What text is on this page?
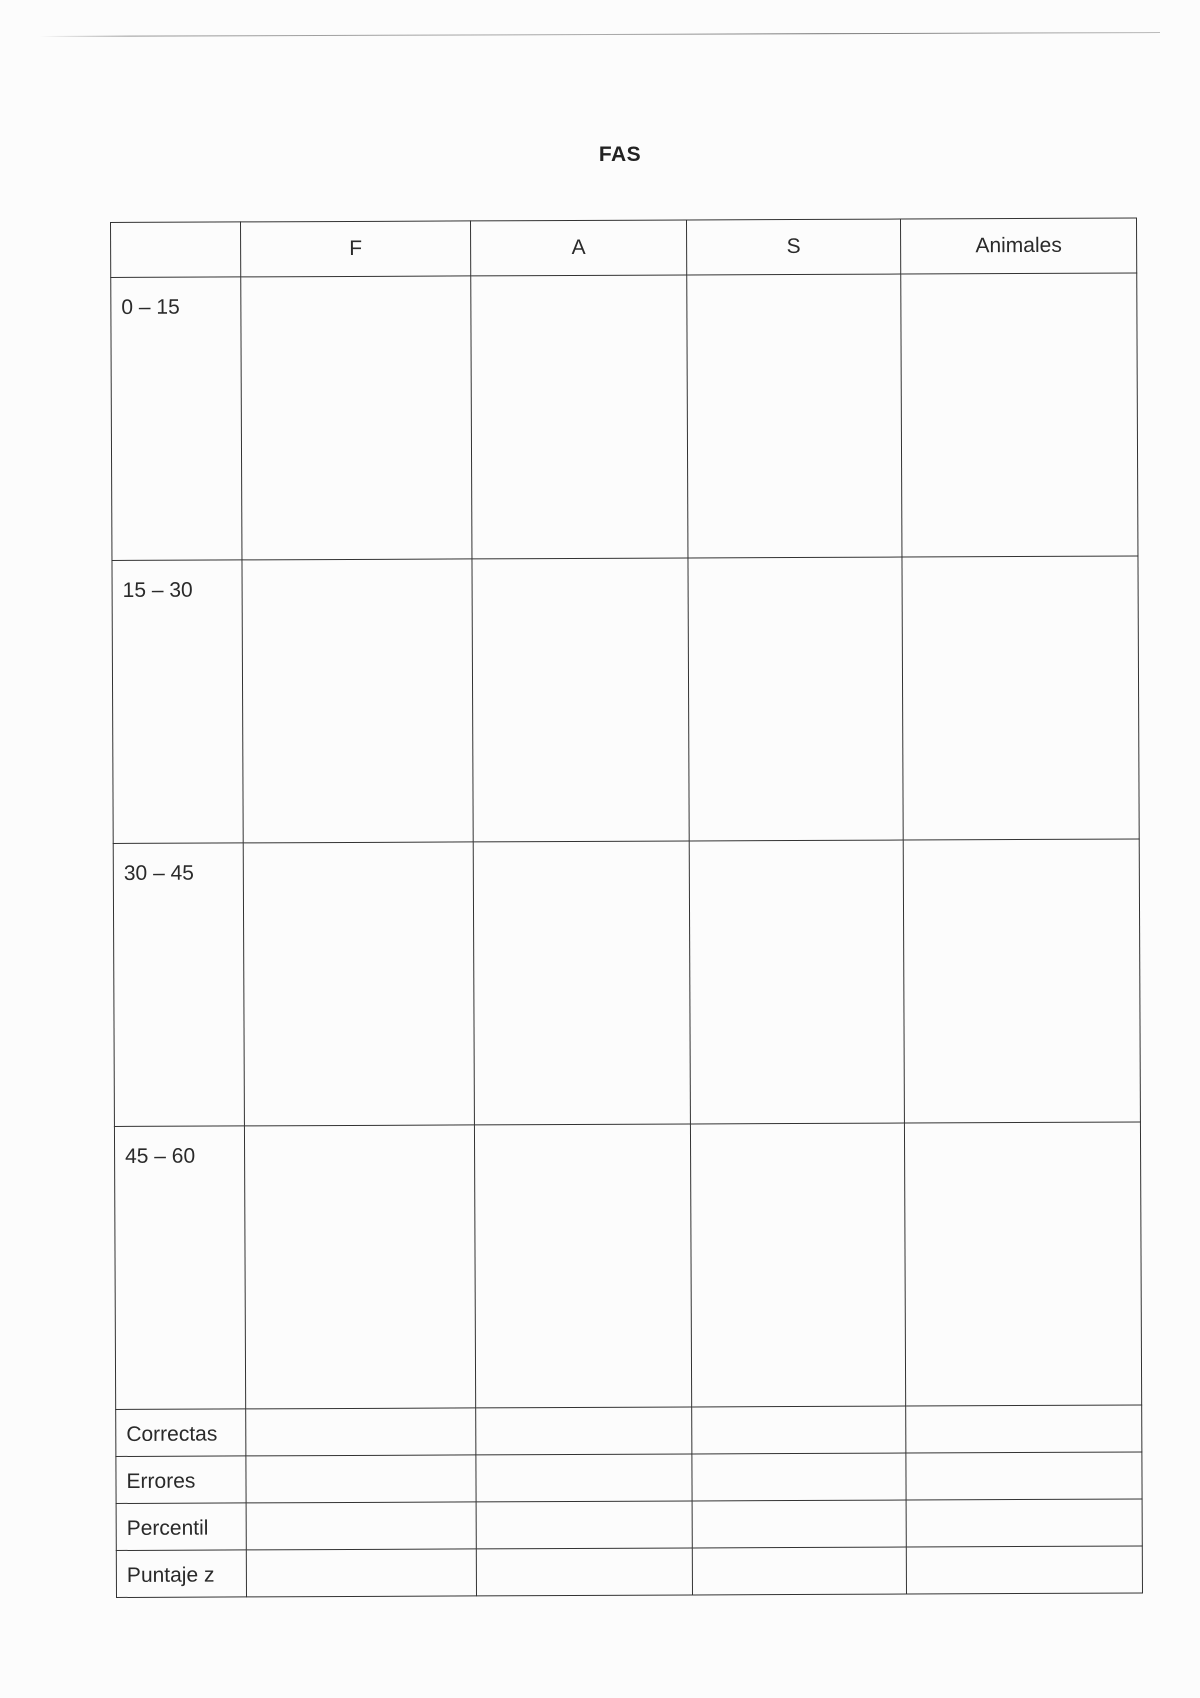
FAS
	F	A	S	Animales
0 – 15				
15 – 30				
30 – 45				
45 – 60				
Correctas				
Errores				
Percentil				
Puntaje z				
